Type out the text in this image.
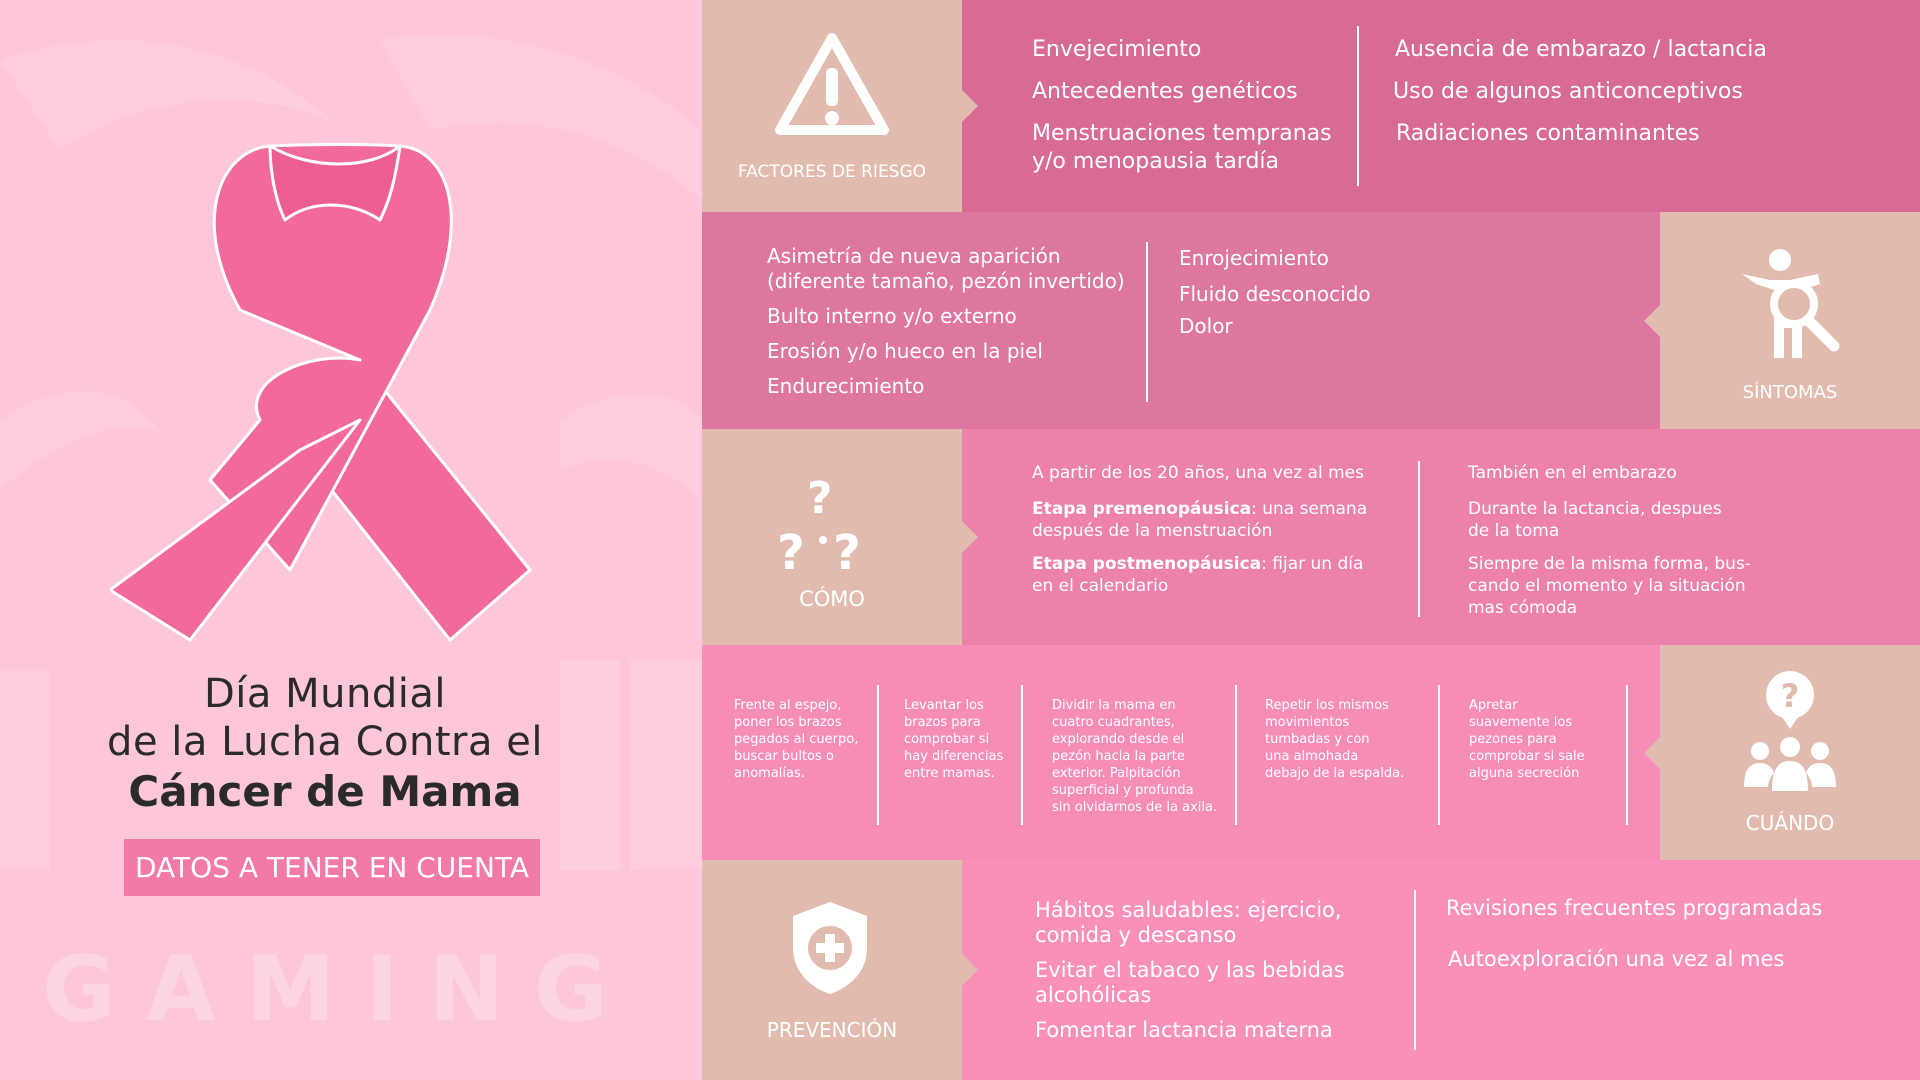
GAMING
Día Mundial
de la Lucha Contra el
Cáncer de Mama
DATOS A TENER EN CUENTA
FACTORES DE RIESGO
Envejecimiento
Antecedentes genéticos
Menstruaciones tempranas
y/o menopausia tardía
Ausencia de embarazo / lactancia
Uso de algunos anticonceptivos
Radiaciones contaminantes
Asimetría de nueva aparición
(diferente tamaño, pezón invertido)
Bulto interno y/o externo
Erosión y/o hueco en la piel
Endurecimiento
Enrojecimiento
Fluido desconocido
Dolor
SÍNTOMAS
?
? ?
CÓMO
A partir de los 20 años, una vez al mes
Etapa premenopáusica: una semana
después de la menstruación
Etapa postmenopáusica: fijar un día
en el calendario
También en el embarazo
Durante la lactancia, despues
de la toma
Siempre de la misma forma, bus-
cando el momento y la situación
mas cómoda
Frente al espejo,
poner los brazos
pegados al cuerpo,
buscar bultos o
anomalías.
Levantar los
brazos para
comprobar si
hay diferencias
entre mamas.
Dividir la mama en
cuatro cuadrantes,
explorando desde el
pezón hacia la parte
exterior. Palpitación
superficial y profunda
sin olvidarnos de la axila.
Repetir los mismos
movimientos
tumbadas y con
una almohada
debajo de la espalda.
Apretar
suavemente los
pezones para
comprobar si sale
alguna secreción
?
CUÁNDO
PREVENCIÓN
Hábitos saludables: ejercicio,
comida y descanso
Evitar el tabaco y las bebidas
alcohólicas
Fomentar lactancia materna
Revisiones frecuentes programadas
Autoexploración una vez al mes
